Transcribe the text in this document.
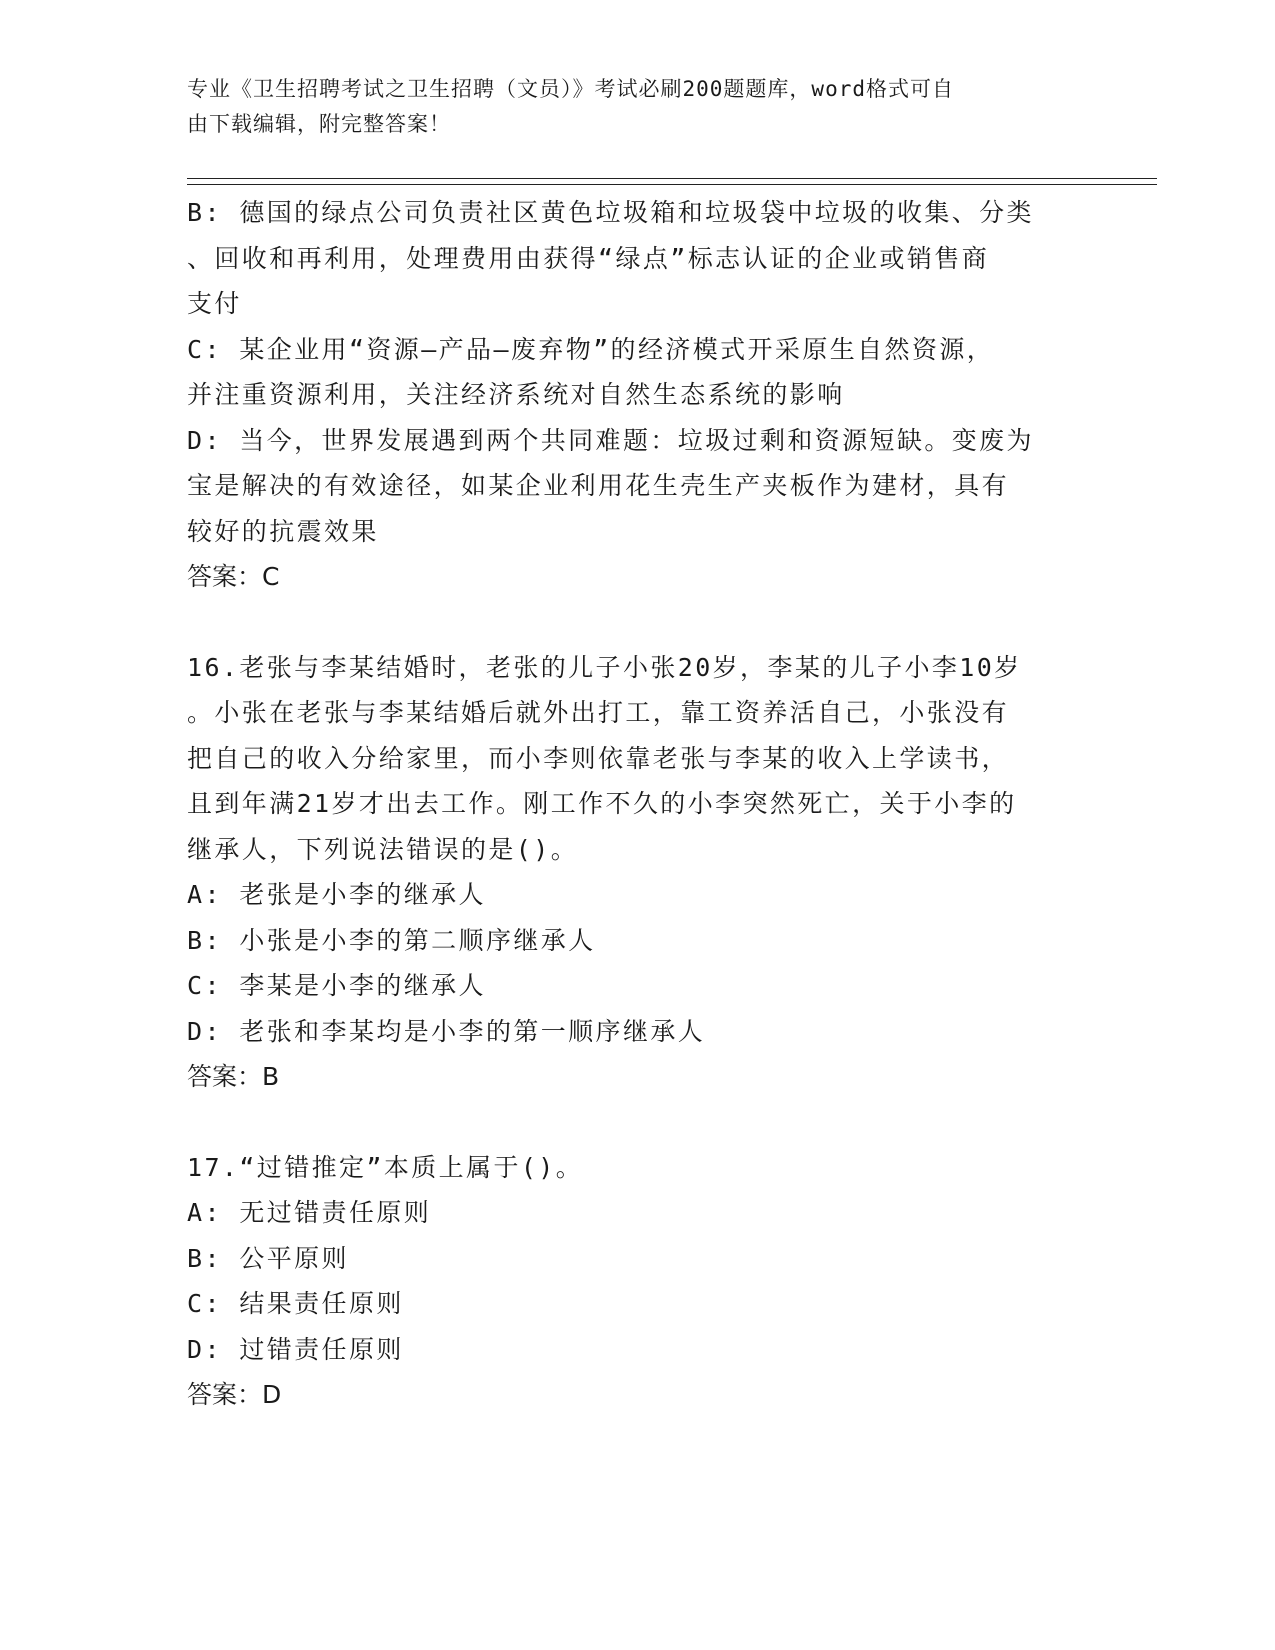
专业《卫生招聘考试之卫生招聘（文员）》考试必刷200题题库，word格式可自

由下载编辑，附完整答案！

B: 德国的绿点公司负责社区黄色垃圾箱和垃圾袋中垃圾的收集、分类

、回收和再利用，处理费用由获得“绿点”标志认证的企业或销售商

支付

C: 某企业用“资源—产品—废弃物”的经济模式开采原生自然资源，

并注重资源利用，关注经济系统对自然生态系统的影响

D: 当今，世界发展遇到两个共同难题：垃圾过剩和资源短缺。变废为

宝是解决的有效途径，如某企业利用花生壳生产夹板作为建材，具有

较好的抗震效果

答案：C

16.老张与李某结婚时，老张的儿子小张20岁，李某的儿子小李10岁

。小张在老张与李某结婚后就外出打工，靠工资养活自己，小张没有

把自己的收入分给家里，而小李则依靠老张与李某的收入上学读书，

且到年满21岁才出去工作。刚工作不久的小李突然死亡，关于小李的

继承人，下列说法错误的是()。

A: 老张是小李的继承人

B: 小张是小李的第二顺序继承人

C: 李某是小李的继承人

D: 老张和李某均是小李的第一顺序继承人

答案：B

17.“过错推定”本质上属于()。

A: 无过错责任原则

B: 公平原则

C: 结果责任原则

D: 过错责任原则

答案：D
